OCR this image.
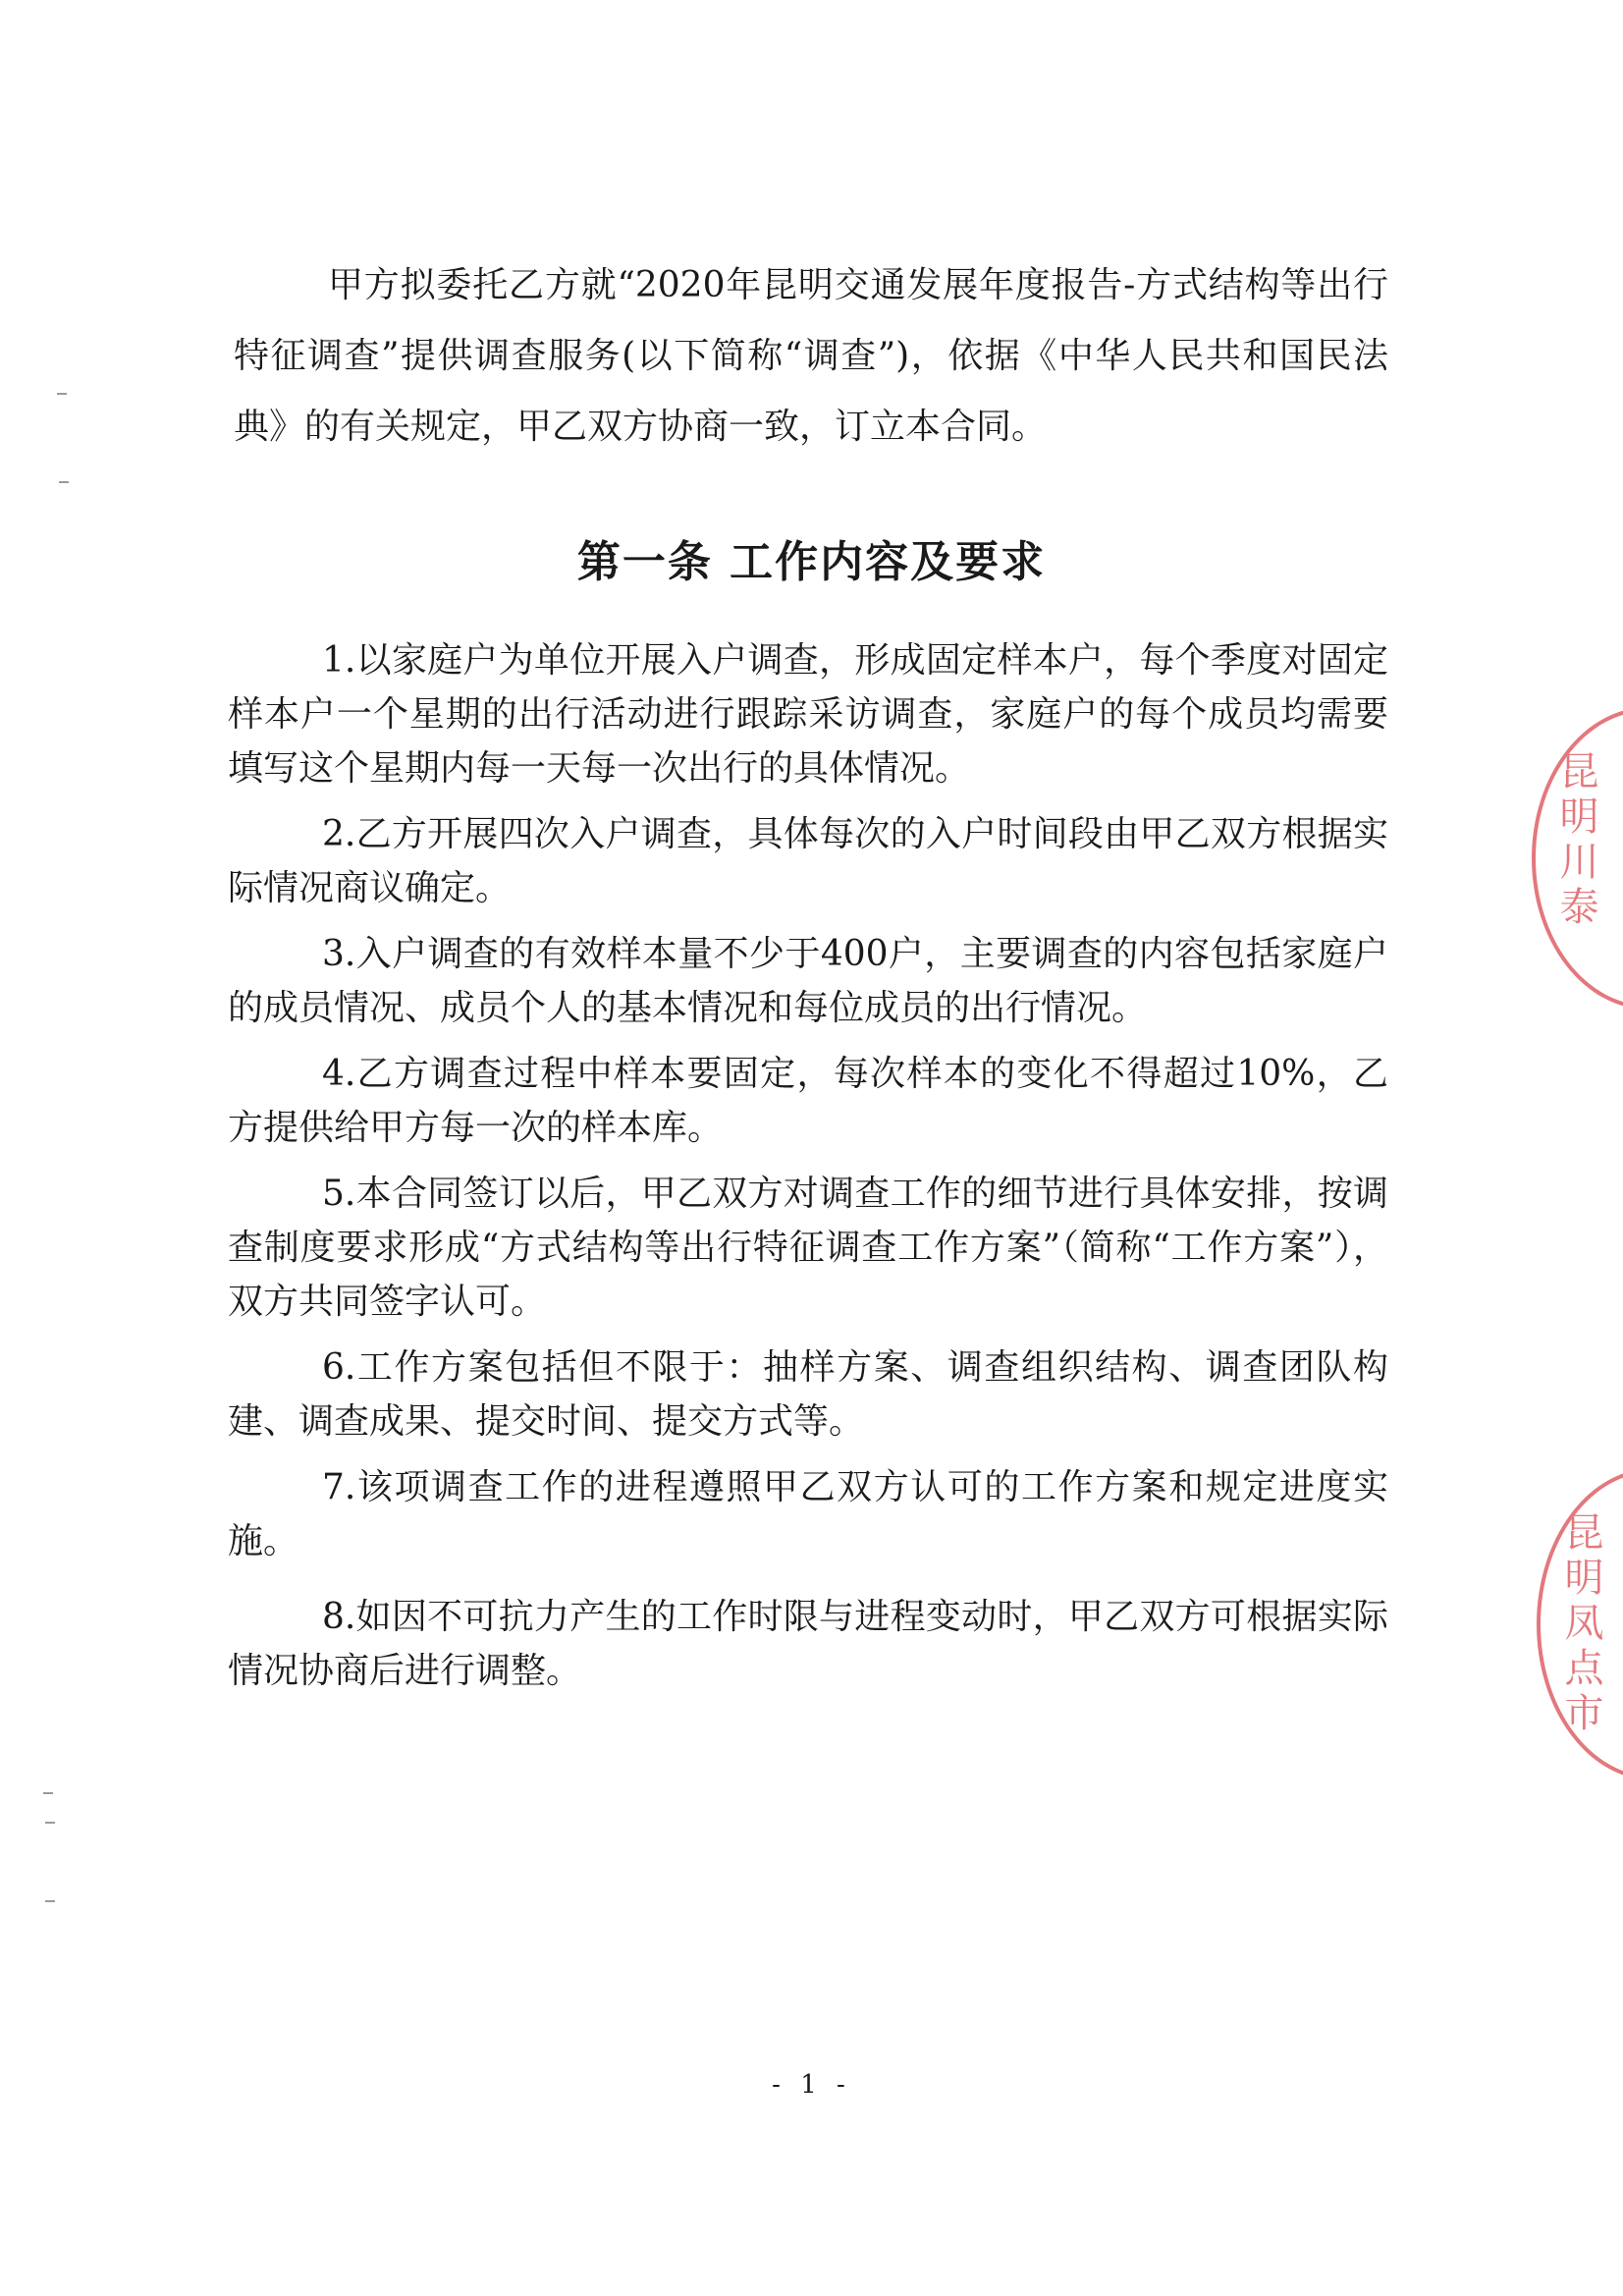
甲方拟委托乙方就“2020年昆明交通发展年度报告-方式结构等出行特征调查”提供调查服务(以下简称“调查”)，依据《中华人民共和国民法典》的有关规定，甲乙双方协商一致，订立本合同。

第一条 工作内容及要求
1.以家庭户为单位开展入户调查，形成固定样本户，每个季度对固定样本户一个星期的出行活动进行跟踪采访调查，家庭户的每个成员均需要填写这个星期内每一天每一次出行的具体情况。
2.乙方开展四次入户调查，具体每次的入户时间段由甲乙双方根据实际情况商议确定。
3.入户调查的有效样本量不少于400户，主要调查的内容包括家庭户的成员情况、成员个人的基本情况和每位成员的出行情况。
4.乙方调查过程中样本要固定，每次样本的变化不得超过10%，乙方提供给甲方每一次的样本库。
5.本合同签订以后，甲乙双方对调查工作的细节进行具体安排，按调查制度要求形成“方式结构等出行特征调查工作方案”（简称“工作方案”），双方共同签字认可。
6.工作方案包括但不限于：抽样方案、调查组织结构、调查团队构建、调查成果、提交时间、提交方式等。
7.该项调查工作的进程遵照甲乙双方认可的工作方案和规定进度实施。
8.如因不可抗力产生的工作时限与进程变动时，甲乙双方可根据实际情况协商后进行调整。
- 1 -
昆明川泰
昆明凤点市
